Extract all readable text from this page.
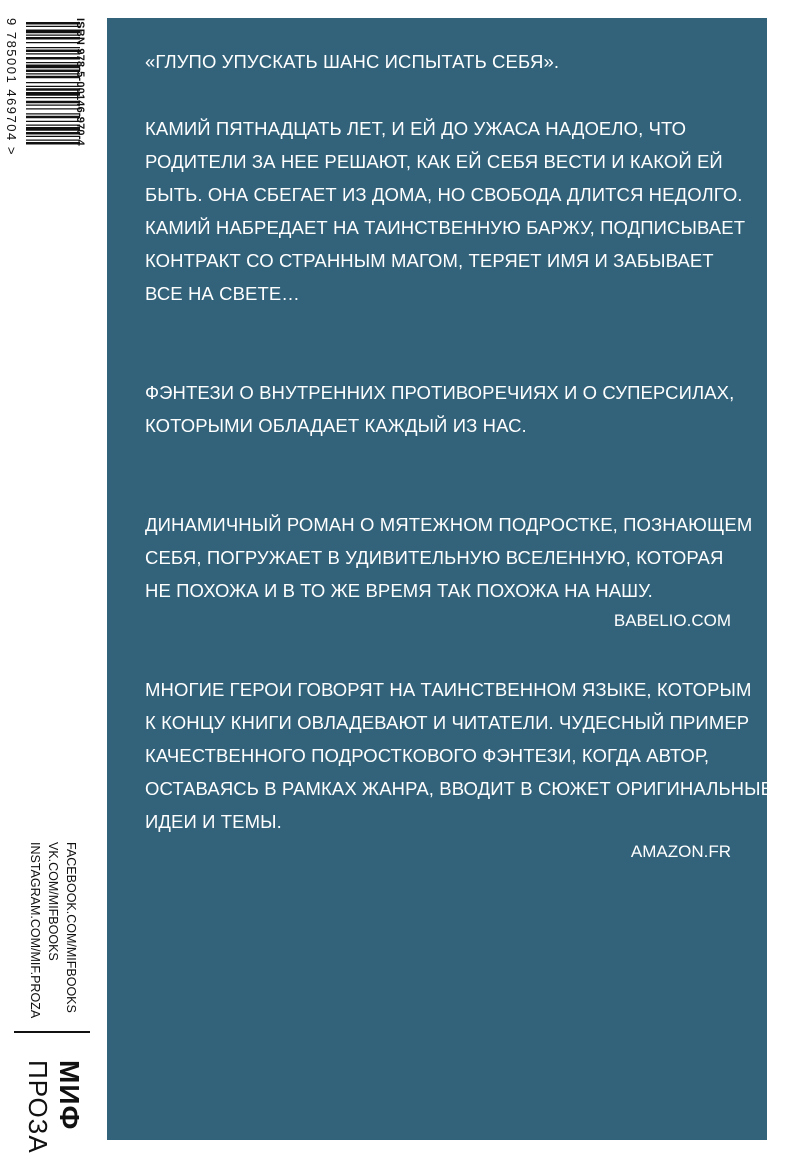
9 785001 469704 >	ISBN 978-5-00146-970-4
FACEBOOK.COM/MIFBOOKS
VK.COM/MIFBOOKS
INSTAGRAM.COM/MIF.PROZA
МИФ
ПРОЗА
«ГЛУПО УПУСКАТЬ ШАНС ИСПЫТАТЬ СЕБЯ».
КАМИЙ ПЯТНАДЦАТЬ ЛЕТ, И ЕЙ ДО УЖАСА НАДОЕЛО, ЧТО
РОДИТЕЛИ ЗА НЕЕ РЕШАЮТ, КАК ЕЙ СЕБЯ ВЕСТИ И КАКОЙ ЕЙ
БЫТЬ. ОНА СБЕГАЕТ ИЗ ДОМА, НО СВОБОДА ДЛИТСЯ НЕДОЛГО.
КАМИЙ НАБРЕДАЕТ НА ТАИНСТВЕННУЮ БАРЖУ, ПОДПИСЫВАЕТ
КОНТРАКТ СО СТРАННЫМ МАГОМ, ТЕРЯЕТ ИМЯ И ЗАБЫВАЕТ
ВСЕ НА СВЕТЕ…
ФЭНТЕЗИ О ВНУТРЕННИХ ПРОТИВОРЕЧИЯХ И О СУПЕРСИЛАХ,
КОТОРЫМИ ОБЛАДАЕТ КАЖДЫЙ ИЗ НАС.
ДИНАМИЧНЫЙ РОМАН О МЯТЕЖНОМ ПОДРОСТКЕ, ПОЗНАЮЩЕМ
СЕБЯ, ПОГРУЖАЕТ В УДИВИТЕЛЬНУЮ ВСЕЛЕННУЮ, КОТОРАЯ
НЕ ПОХОЖА И В ТО ЖЕ ВРЕМЯ ТАК ПОХОЖА НА НАШУ.
BABELIO.COM
МНОГИЕ ГЕРОИ ГОВОРЯТ НА ТАИНСТВЕННОМ ЯЗЫКЕ, КОТОРЫМ
К КОНЦУ КНИГИ ОВЛАДЕВАЮТ И ЧИТАТЕЛИ. ЧУДЕСНЫЙ ПРИМЕР
КАЧЕСТВЕННОГО ПОДРОСТКОВОГО ФЭНТЕЗИ, КОГДА АВТОР,
ОСТАВАЯСЬ В РАМКАХ ЖАНРА, ВВОДИТ В СЮЖЕТ ОРИГИНАЛЬНЫЕ
ИДЕИ И ТЕМЫ.
AMAZON.FR
